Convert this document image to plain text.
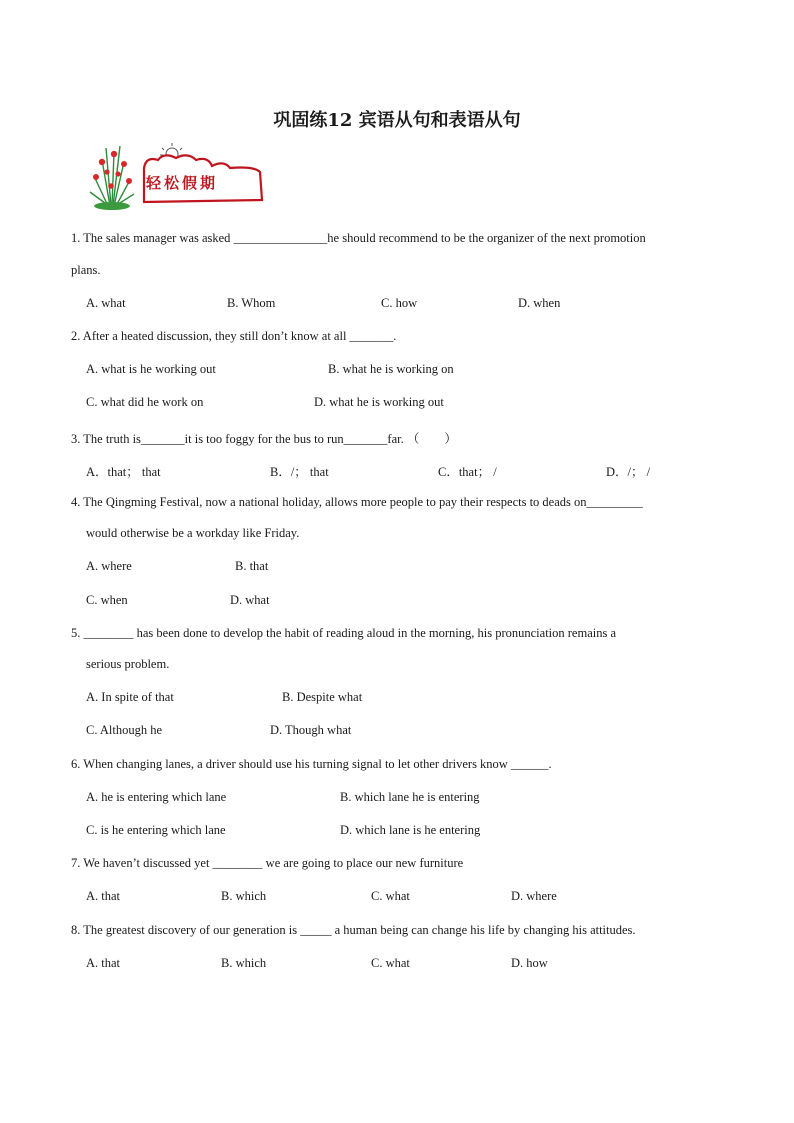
巩固练12 宾语从句和表语从句
轻松假期
1. The sales manager was asked _______________he should recommend to be the organizer of the next promotion
plans.
A. what	B. Whom	C. how	D. when
2. After a heated discussion, they still don’t know at all _______.
A. what is he working out	B. what he is working on
C. what did he work on	D. what he is working out
3. The truth is_______it is too foggy for the bus to run_______far. （　　）
A．that； that	B．/； that	C．that； /	D．/； /
4. The Qingming Festival, now a national holiday, allows more people to pay their respects to deads on_________
would otherwise be a workday like Friday.
A. where	B. that
C. when	D. what
5. ________ has been done to develop the habit of reading aloud in the morning, his pronunciation remains a
serious problem.
A. In spite of that	B. Despite what
C. Although he	D. Though what
6. When changing lanes, a driver should use his turning signal to let other drivers know ______.
A. he is entering which lane	B. which lane he is entering
C. is he entering which lane	D. which lane is he entering
7. We haven’t discussed yet ________ we are going to place our new furniture
A. that	B. which	C. what	D. where
8. The greatest discovery of our generation is _____ a human being can change his life by changing his attitudes.
A. that	B. which	C. what	D. how
